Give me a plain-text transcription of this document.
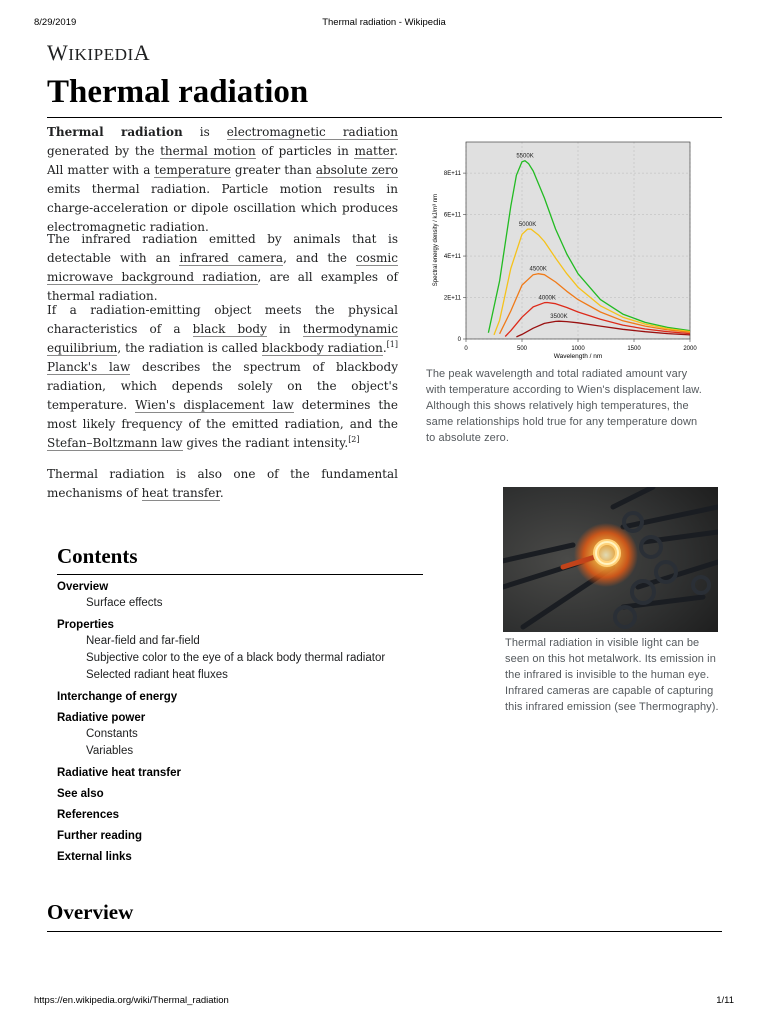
8/29/2019	Thermal radiation - Wikipedia
WIKIPEDIA
Thermal radiation

Thermal radiation is electromagnetic radiation generated by the thermal motion of particles in matter. All matter with a temperature greater than absolute zero emits thermal radiation. Particle motion results in charge-acceleration or dipole oscillation which produces electromagnetic radiation.

The infrared radiation emitted by animals that is detectable with an infrared camera, and the cosmic microwave background radiation, are all examples of thermal radiation.

If a radiation-emitting object meets the physical characteristics of a black body in thermodynamic equilibrium, the radiation is called blackbody radiation.[1] Planck's law describes the spectrum of blackbody radiation, which depends solely on the object's temperature. Wien's displacement law determines the most likely frequency of the emitted radiation, and the Stefan–Boltzmann law gives the radiant intensity.[2]

Thermal radiation is also one of the fundamental mechanisms of heat transfer.

5500K
5000K
4500K
4000K
3500K
0
2E+11
4E+11
6E+11
8E+11
0	500	1000	1500	2000
Wavelength / nm
Spectral energy density / kJ/m³ nm
The peak wavelength and total radiated amount vary with temperature according to Wien's displacement law. Although this shows relatively high temperatures, the same relationships hold true for any temperature down to absolute zero.
Thermal radiation in visible light can be seen on this hot metalwork. Its emission in the infrared is invisible to the human eye. Infrared cameras are capable of capturing this infrared emission (see Thermography).
Contents
Overview
Surface effects
Properties
Near-field and far-field
Subjective color to the eye of a black body thermal radiator
Selected radiant heat fluxes
Interchange of energy
Radiative power
Constants
Variables
Radiative heat transfer
See also
References
Further reading
External links
Overview
https://en.wikipedia.org/wiki/Thermal_radiation	1/11
